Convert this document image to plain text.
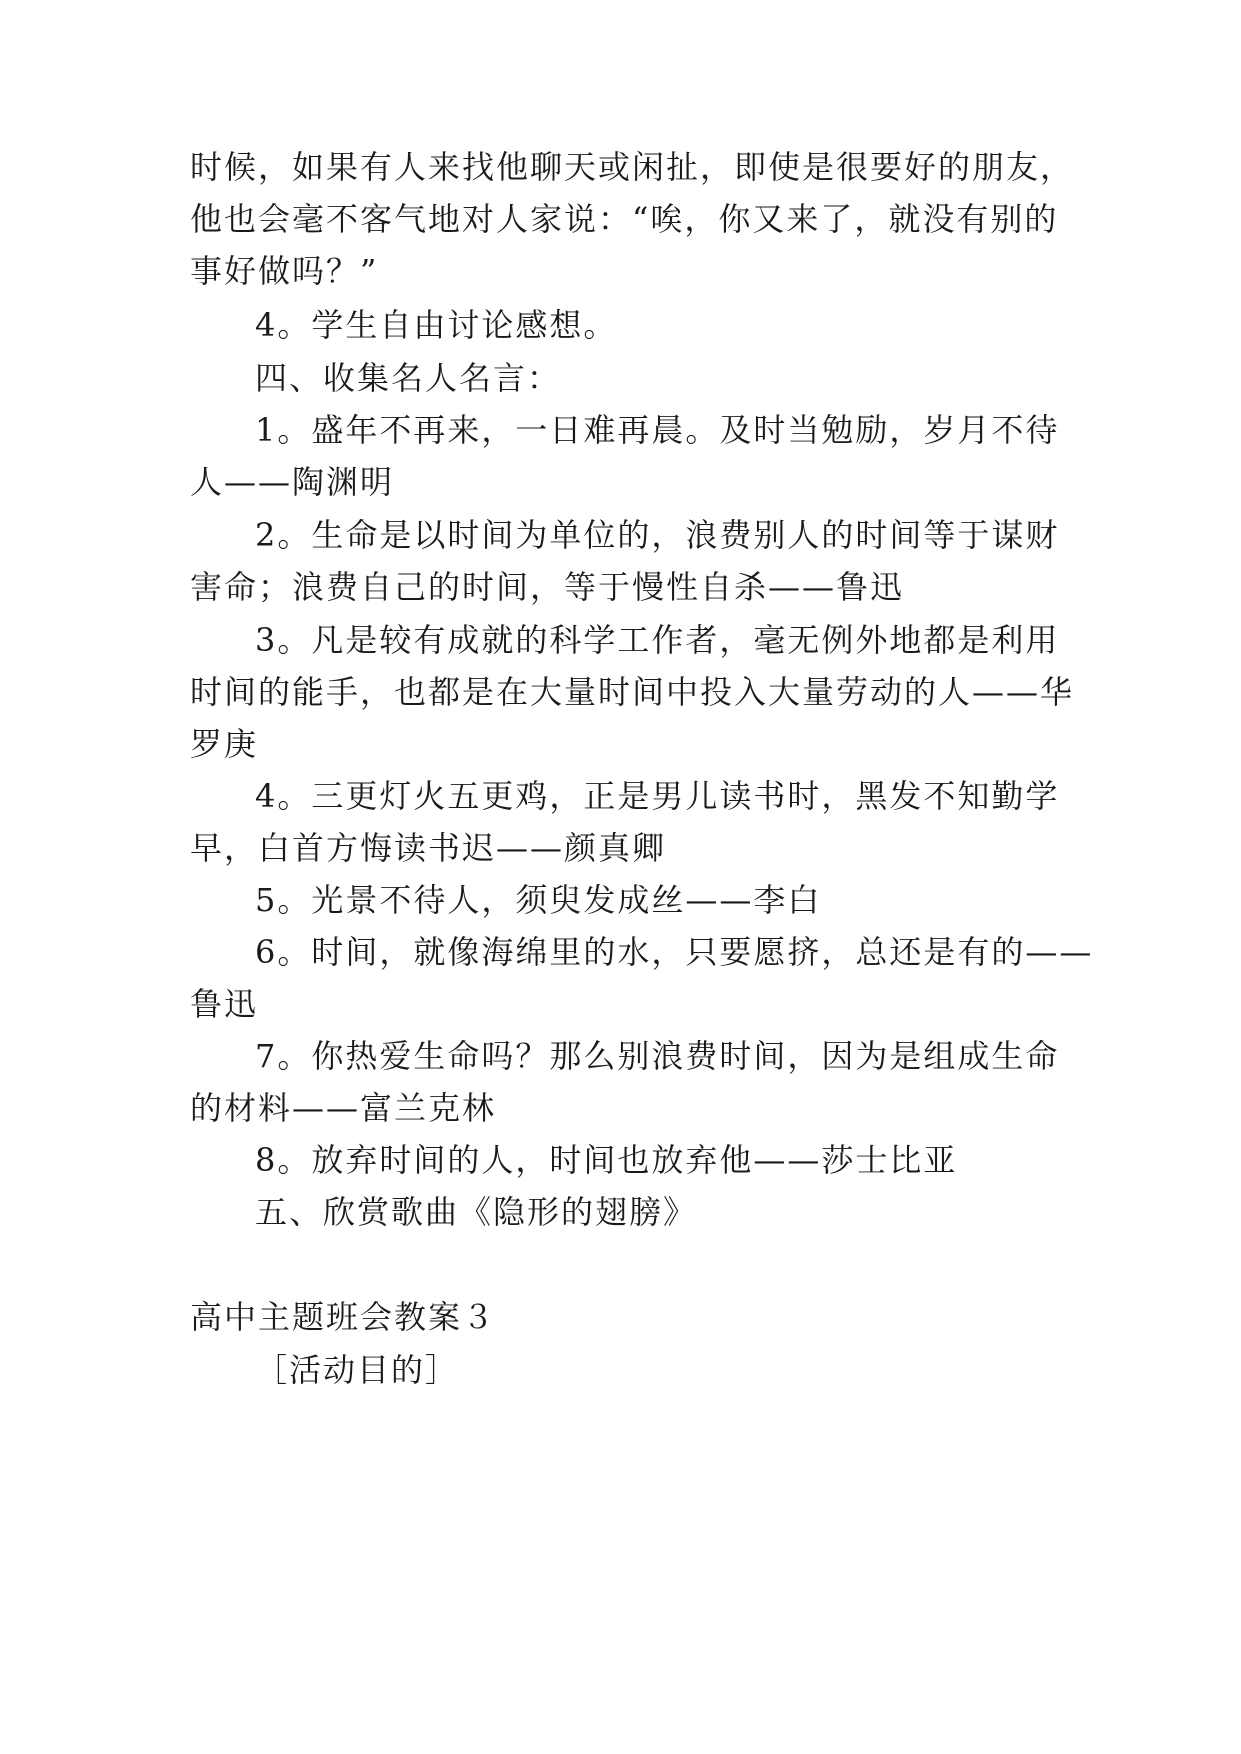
时候，如果有人来找他聊天或闲扯，即使是很要好的朋友，
他也会毫不客气地对人家说：“唉，你又来了，就没有别的
事好做吗？”
4。学生自由讨论感想。
四、收集名人名言：
1。盛年不再来，一日难再晨。及时当勉励，岁月不待
人——陶渊明
2。生命是以时间为单位的，浪费别人的时间等于谋财
害命；浪费自己的时间，等于慢性自杀——鲁迅
3。凡是较有成就的科学工作者，毫无例外地都是利用
时间的能手，也都是在大量时间中投入大量劳动的人——华
罗庚
4。三更灯火五更鸡，正是男儿读书时，黑发不知勤学
早，白首方悔读书迟——颜真卿
5。光景不待人，须臾发成丝——李白
6。时间，就像海绵里的水，只要愿挤，总还是有的——
鲁迅
7。你热爱生命吗？那么别浪费时间，因为是组成生命
的材料——富兰克林
8。放弃时间的人，时间也放弃他——莎士比亚
五、欣赏歌曲《隐形的翅膀》
高中主题班会教案３
［活动目的］
